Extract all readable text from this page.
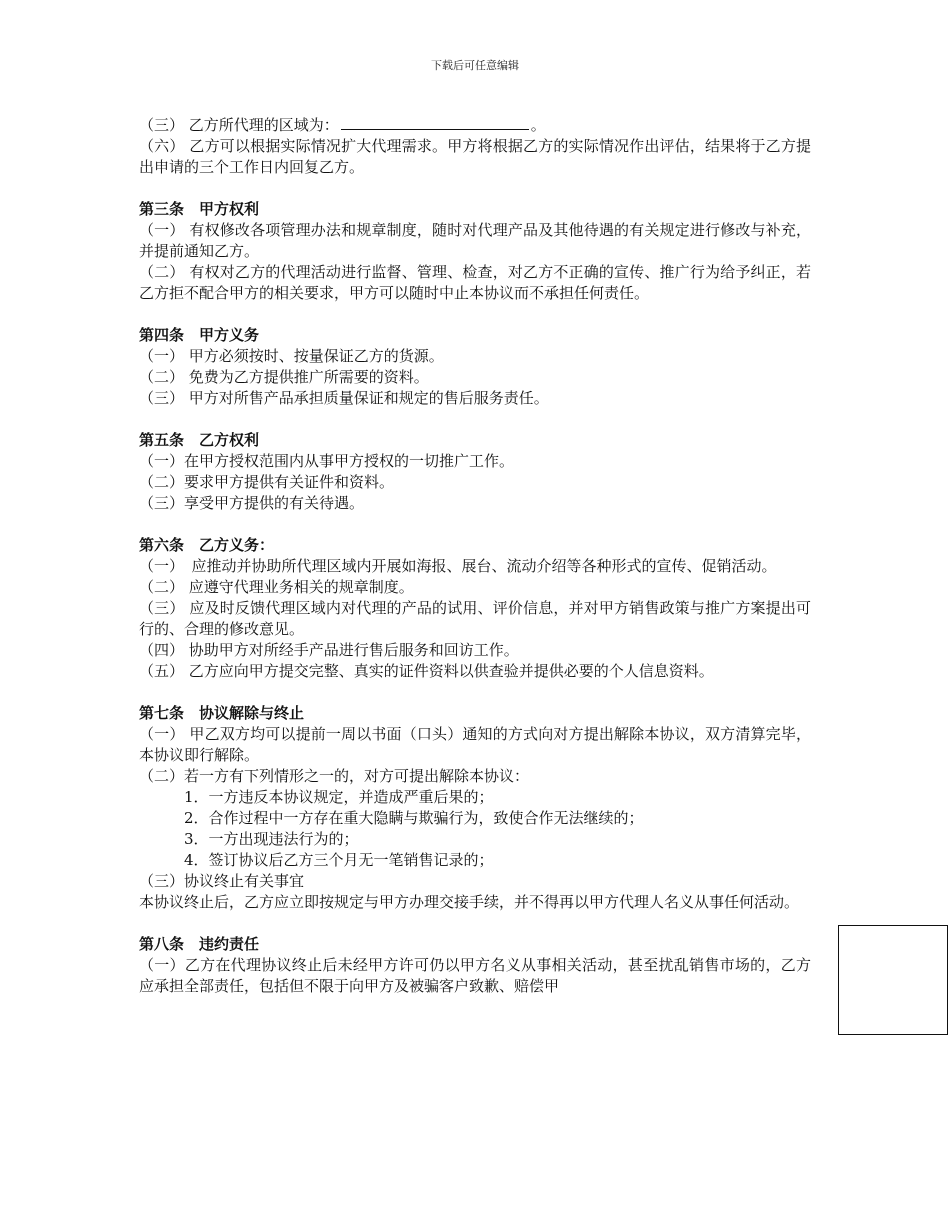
下载后可任意编辑

（三） 乙方所代理的区域为：	。

（六） 乙方可以根据实际情况扩大代理需求。甲方将根据乙方的实际情况作出评估，结果将于乙方提出申请的三个工作日内回复乙方。

第三条　甲方权利

（一） 有权修改各项管理办法和规章制度，随时对代理产品及其他待遇的有关规定进行修改与补充，并提前通知乙方。

（二） 有权对乙方的代理活动进行监督、管理、检查，对乙方不正确的宣传、推广行为给予纠正，若乙方拒不配合甲方的相关要求，甲方可以随时中止本协议而不承担任何责任。

第四条　甲方义务

（一） 甲方必须按时、按量保证乙方的货源。

（二） 免费为乙方提供推广所需要的资料。

（三） 甲方对所售产品承担质量保证和规定的售后服务责任。

第五条　乙方权利

（一）在甲方授权范围内从事甲方授权的一切推广工作。

（二）要求甲方提供有关证件和资料。

（三）享受甲方提供的有关待遇。

第六条　乙方义务：

（一）　应推动并协助所代理区域内开展如海报、展台、流动介绍等各种形式的宣传、促销活动。

（二） 应遵守代理业务相关的规章制度。

（三） 应及时反馈代理区域内对代理的产品的试用、评价信息，并对甲方销售政策与推广方案提出可行的、合理的修改意见。

（四） 协助甲方对所经手产品进行售后服务和回访工作。

（五） 乙方应向甲方提交完整、真实的证件资料以供查验并提供必要的个人信息资料。

第七条　协议解除与终止

（一） 甲乙双方均可以提前一周以书面（口头）通知的方式向对方提出解除本协议，双方清算完毕，本协议即行解除。

（二）若一方有下列情形之一的，对方可提出解除本协议：

1．一方违反本协议规定，并造成严重后果的；

2．合作过程中一方存在重大隐瞒与欺骗行为，致使合作无法继续的；

3．一方出现违法行为的；

4．签订协议后乙方三个月无一笔销售记录的；

（三）协议终止有关事宜

本协议终止后，乙方应立即按规定与甲方办理交接手续，并不得再以甲方代理人名义从事任何活动。

第八条　违约责任

（一）乙方在代理协议终止后未经甲方许可仍以甲方名义从事相关活动，甚至扰乱销售市场的，乙方应承担全部责任，包括但不限于向甲方及被骗客户致歉、赔偿甲
